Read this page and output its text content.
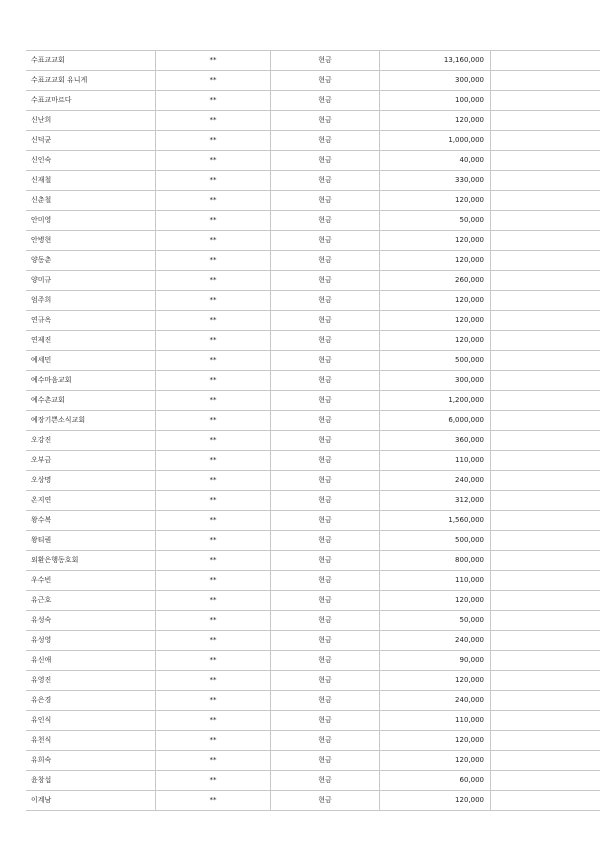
수표교교회	**	현금	13,160,000	
수표교교회 유니게	**	현금	300,000	
수표교마르다	**	현금	100,000	
신난희	**	현금	120,000	
신덕균	**	현금	1,000,000	
신인숙	**	현금	40,000	
신재철	**	현금	330,000	
신춘철	**	현금	120,000	
안미영	**	현금	50,000	
안병현	**	현금	120,000	
양동춘	**	현금	120,000	
양미규	**	현금	260,000	
엄주희	**	현금	120,000	
연규옥	**	현금	120,000	
연제진	**	현금	120,000	
예세민	**	현금	500,000	
예수마음교회	**	현금	300,000	
예수촌교회	**	현금	1,200,000	
예장기쁜소식교회	**	현금	6,000,000	
오강진	**	현금	360,000	
오부금	**	현금	110,000	
오상명	**	현금	240,000	
온지연	**	현금	312,000	
왕수복	**	현금	1,560,000	
왕티퀀	**	현금	500,000	
외환은행동호회	**	현금	800,000	
우수빈	**	현금	110,000	
유근호	**	현금	120,000	
유성숙	**	현금	50,000	
유성영	**	현금	240,000	
유신애	**	현금	90,000	
유영진	**	현금	120,000	
유은경	**	현금	240,000	
유인식	**	현금	110,000	
유천식	**	현금	120,000	
유희숙	**	현금	120,000	
윤창섭	**	현금	60,000	
이계남	**	현금	120,000	
